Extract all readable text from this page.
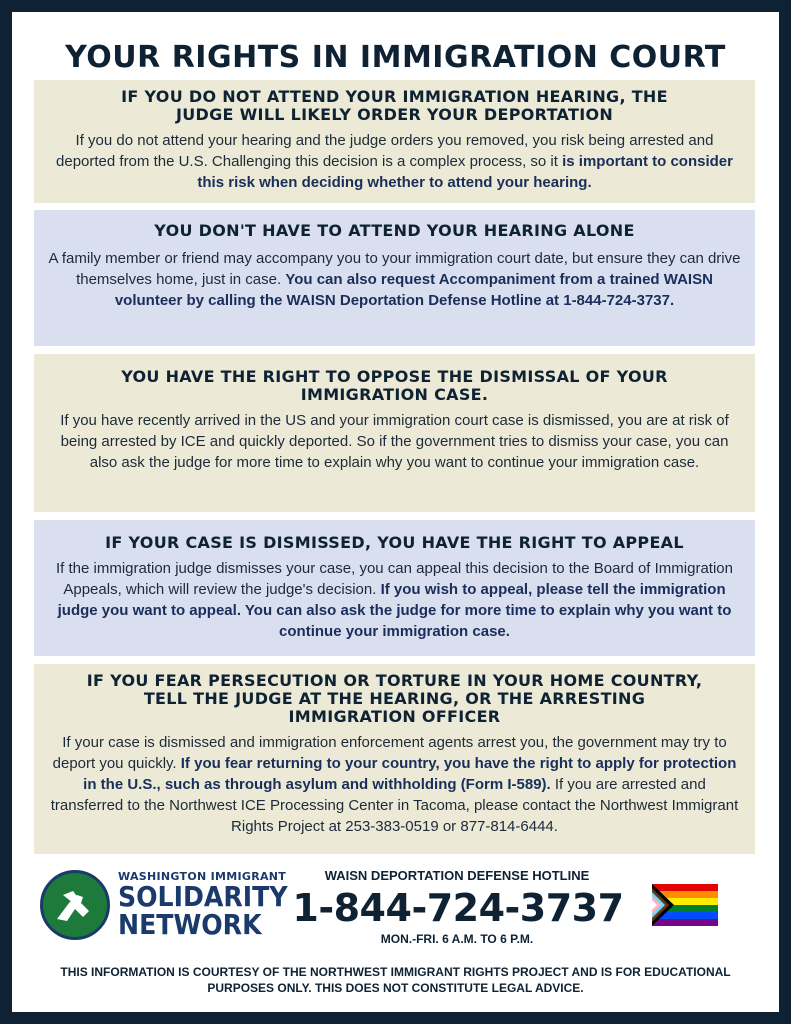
YOUR RIGHTS IN IMMIGRATION COURT
IF YOU DO NOT ATTEND YOUR IMMIGRATION HEARING, THE JUDGE WILL LIKELY ORDER YOUR DEPORTATION

If you do not attend your hearing and the judge orders you removed, you risk being arrested and deported from the U.S. Challenging this decision is a complex process, so it is important to consider this risk when deciding whether to attend your hearing.

YOU DON'T HAVE TO ATTEND YOUR HEARING ALONE

A family member or friend may accompany you to your immigration court date, but ensure they can drive themselves home, just in case. You can also request Accompaniment from a trained WAISN volunteer by calling the WAISN Deportation Defense Hotline at 1-844-724-3737.

YOU HAVE THE RIGHT TO OPPOSE THE DISMISSAL OF YOUR IMMIGRATION CASE.

If you have recently arrived in the US and your immigration court case is dismissed, you are at risk of being arrested by ICE and quickly deported. So if the government tries to dismiss your case, you can also ask the judge for more time to explain why you want to continue your immigration case.

IF YOUR CASE IS DISMISSED, YOU HAVE THE RIGHT TO APPEAL

If the immigration judge dismisses your case, you can appeal this decision to the Board of Immigration Appeals, which will review the judge's decision. If you wish to appeal, please tell the immigration judge you want to appeal. You can also ask the judge for more time to explain why you want to continue your immigration case.

IF YOU FEAR PERSECUTION OR TORTURE IN YOUR HOME COUNTRY, TELL THE JUDGE AT THE HEARING, OR THE ARRESTING IMMIGRATION OFFICER

If your case is dismissed and immigration enforcement agents arrest you, the government may try to deport you quickly. If you fear returning to your country, you have the right to apply for protection in the U.S., such as through asylum and withholding (Form I-589). If you are arrested and transferred to the Northwest ICE Processing Center in Tacoma, please contact the Northwest Immigrant Rights Project at 253-383-0519 or 877-814-6444.

WASHINGTON IMMIGRANT
SOLIDARITY
NETWORK
WAISN DEPORTATION DEFENSE HOTLINE
1-844-724-3737
MON.-FRI. 6 A.M. TO 6 P.M.
THIS INFORMATION IS COURTESY OF THE NORTHWEST IMMIGRANT RIGHTS PROJECT AND IS FOR EDUCATIONAL PURPOSES ONLY. THIS DOES NOT CONSTITUTE LEGAL ADVICE.
